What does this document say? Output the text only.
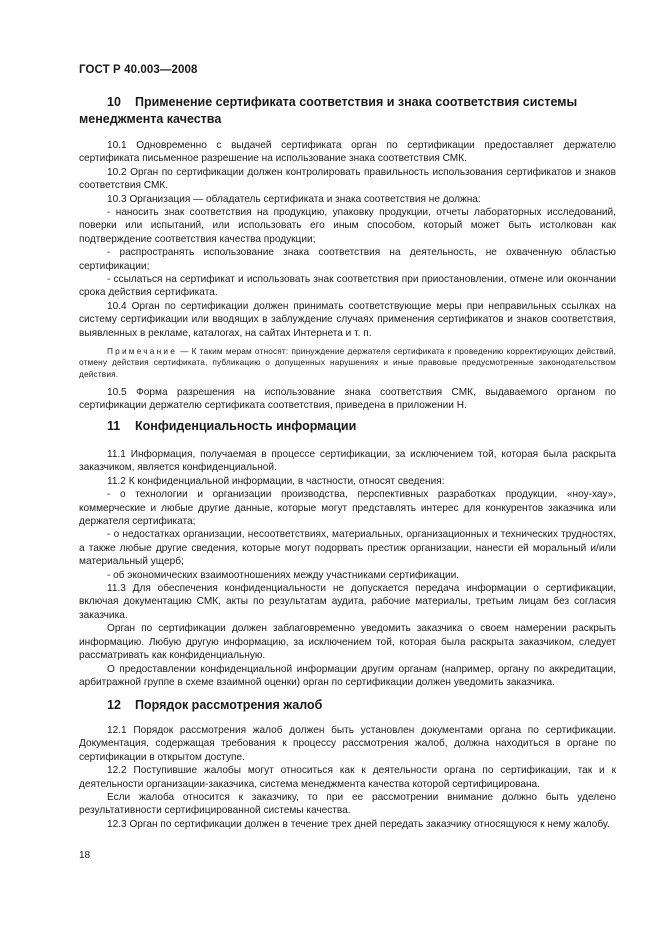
ГОСТ Р 40.003—2008
10 Применение сертификата соответствия и знака соответствия системы менеджмента качества

10.1 Одновременно с выдачей сертификата орган по сертификации предоставляет держателю сертификата письменное разрешение на использование знака соответствия СМК.

10.2 Орган по сертификации должен контролировать правильность использования сертификатов и знаков соответствия СМК.

10.3 Организация — обладатель сертификата и знака соответствия не должна:

- наносить знак соответствия на продукцию, упаковку продукции, отчеты лабораторных исследований, поверки или испытаний, или использовать его иным способом, который может быть истолкован как подтверждение соответствия качества продукции;

- распространять использование знака соответствия на деятельность, не охваченную областью сертификации;

- ссылаться на сертификат и использовать знак соответствия при приостановлении, отмене или окончании срока действия сертификата.

10.4 Орган по сертификации должен принимать соответствующие меры при неправильных ссылках на систему сертификации или вводящих в заблуждение случаях применения сертификатов и знаков соответствия, выявленных в рекламе, каталогах, на сайтах Интернета и т. п.

Примечание — К таким мерам относят: принуждение держателя сертификата к проведению корректирующих действий, отмену действия сертификата, публикацию о допущенных нарушениях и иные правовые предусмотренные законодательством действия.

10.5 Форма разрешения на использование знака соответствия СМК, выдаваемого органом по сертификации держателю сертификата соответствия, приведена в приложении Н.

11 Конфиденциальность информации

11.1 Информация, получаемая в процессе сертификации, за исключением той, которая была раскрыта заказчиком, является конфиденциальной.

11.2 К конфиденциальной информации, в частности, относят сведения:

- о технологии и организации производства, перспективных разработках продукции, «ноу-хау», коммерческие и любые другие данные, которые могут представлять интерес для конкурентов заказчика или держателя сертификата;

- о недостатках организации, несоответствиях, материальных, организационных и технических трудностях, а также любые другие сведения, которые могут подорвать престиж организации, нанести ей моральный и/или материальный ущерб;

- об экономических взаимоотношениях между участниками сертификации.

11.3 Для обеспечения конфиденциальности не допускается передача информации о сертификации, включая документацию СМК, акты по результатам аудита, рабочие материалы, третьим лицам без согласия заказчика.

Орган по сертификации должен заблаговременно уведомить заказчика о своем намерении раскрыть информацию. Любую другую информацию, за исключением той, которая была раскрыта заказчиком, следует рассматривать как конфиденциальную.

О предоставлении конфиденциальной информации другим органам (например, органу по аккредитации, арбитражной группе в схеме взаимной оценки) орган по сертификации должен уведомить заказчика.

12 Порядок рассмотрения жалоб

12.1 Порядок рассмотрения жалоб должен быть установлен документами органа по сертификации. Документация, содержащая требования к процессу рассмотрения жалоб, должна находиться в органе по сертификации в открытом доступе.

12.2 Поступившие жалобы могут относиться как к деятельности органа по сертификации, так и к деятельности организации-заказчика, система менеджмента качества которой сертифицирована.

Если жалоба относится к заказчику, то при ее рассмотрении внимание должно быть уделено результативности сертифицированной системы качества.

12.3 Орган по сертификации должен в течение трех дней передать заказчику относящуюся к нему жалобу.

18
